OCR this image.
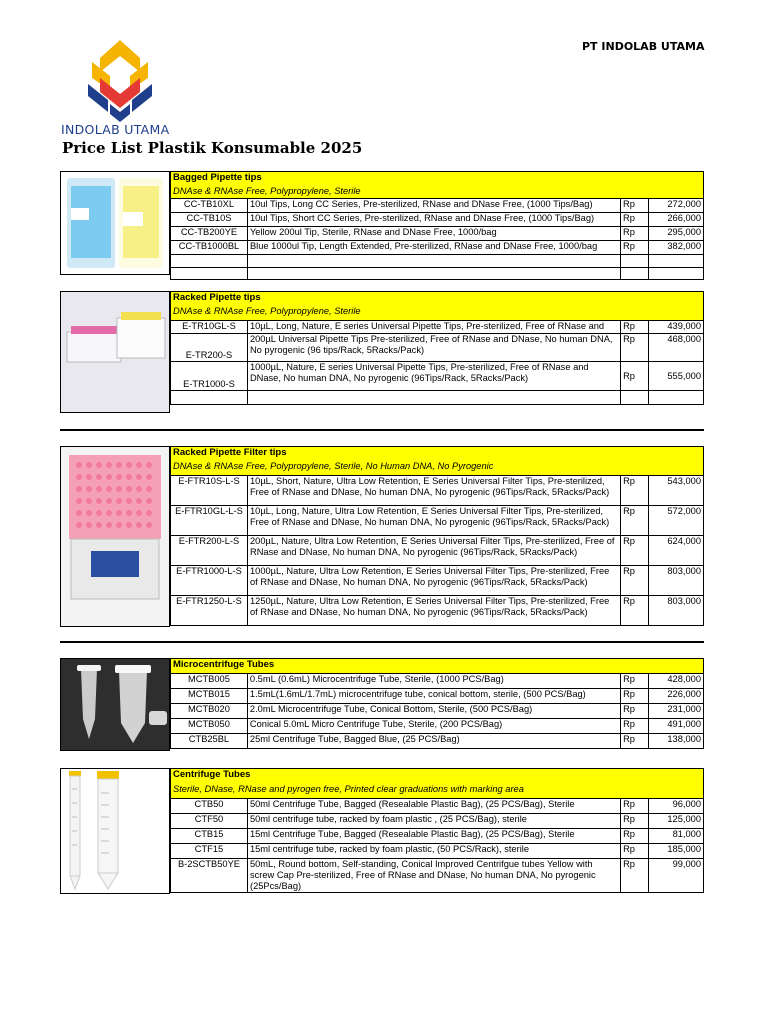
PT INDOLAB UTAMA
INDOLAB UTAMA
Price List Plastik Konsumable 2025
Bagged Pipette tips			
DNAse & RNAse Free, Polypropylene, Sterile			
CC-TB10XL	10ul Tips, Long CC Series, Pre-sterilized, RNase and DNase Free, (1000 Tips/Bag)	Rp	272,000
CC-TB10S	10ul Tips, Short CC Series, Pre-sterilized, RNase and DNase Free, (1000 Tips/Bag)	Rp	266,000
CC-TB200YE	Yellow 200ul Tip, Sterile, RNase and DNase Free, 1000/bag	Rp	295,000
CC-TB1000BL	Blue 1000ul Tip, Length Extended, Pre-sterilized, RNase and DNase Free, 1000/bag	Rp	382,000

Racked Pipette tips			
DNAse & RNAse Free, Polypropylene, Sterile			
E-TR10GL-S	10µL, Long, Nature, E series Universal Pipette Tips, Pre-sterilized, Free of RNase and	Rp	439,000
E-TR200-S	200µL Universal Pipette Tips Pre-sterilized, Free of RNase and DNase, No human DNA, No pyrogenic (96 tips/Rack, 5Racks/Pack)	Rp	468,000
E-TR1000-S	1000µL, Nature, E series Universal Pipette Tips, Pre-sterilized, Free of RNase and DNase, No human DNA, No pyrogenic (96Tips/Rack, 5Racks/Pack)	Rp	555,000

Racked Pipette Filter tips			
DNAse & RNAse Free, Polypropylene, Sterile, No Human DNA, No Pyrogenic			
E-FTR10S-L-S	10µL, Short, Nature, Ultra Low Retention, E Series Universal Filter Tips, Pre-sterilized, Free of RNase and DNase, No human DNA, No pyrogenic (96Tips/Rack, 5Racks/Pack)	Rp	543,000
E-FTR10GL-L-S	10µL, Long, Nature, Ultra Low Retention, E Series Universal Filter Tips, Pre-sterilized, Free of RNase and DNase, No human DNA, No pyrogenic (96Tips/Rack, 5Racks/Pack)	Rp	572,000
E-FTR200-L-S	200µL, Nature, Ultra Low Retention, E Series Universal Filter Tips, Pre-sterilized, Free of RNase and DNase, No human DNA, No pyrogenic (96Tips/Rack, 5Racks/Pack)	Rp	624,000
E-FTR1000-L-S	1000µL, Nature, Ultra Low Retention, E Series Universal Filter Tips, Pre-sterilized, Free of RNase and DNase, No human DNA, No pyrogenic (96Tips/Rack, 5Racks/Pack)	Rp	803,000
E-FTR1250-L-S	1250µL, Nature, Ultra Low Retention, E Series Universal Filter Tips, Pre-sterilized, Free of RNase and DNase, No human DNA, No pyrogenic (96Tips/Rack, 5Racks/Pack)	Rp	803,000
Microcentrifuge Tubes			
MCTB005	0.5mL (0.6mL) Microcentrifuge Tube, Sterile, (1000 PCS/Bag)	Rp	428,000
MCTB015	1.5mL(1.6mL/1.7mL) microcentrifuge tube, conical bottom, sterile, (500 PCS/Bag)	Rp	226,000
MCTB020	2.0mL Microcentrifuge Tube, Conical Bottom, Sterile, (500 PCS/Bag)	Rp	231,000
MCTB050	Conical 5.0mL Micro Centrifuge Tube, Sterile, (200 PCS/Bag)	Rp	491,000
CTB25BL	25ml Centrifuge Tube, Bagged Blue, (25 PCS/Bag)	Rp	138,000
Centrifuge Tubes			
Sterile, DNase, RNase and pyrogen free, Printed clear graduations with marking area			
CTB50	50ml Centrifuge Tube, Bagged (Resealable Plastic Bag), (25 PCS/Bag), Sterile	Rp	96,000
CTF50	50ml centrifuge tube, racked by foam plastic , (25 PCS/Bag), sterile	Rp	125,000
CTB15	15ml Centrifuge Tube, Bagged (Resealable Plastic Bag), (25 PCS/Bag), Sterile	Rp	81,000
CTF15	15ml centrifuge tube, racked by foam plastic, (50 PCS/Rack), sterile	Rp	185,000
B-2SCTB50YE	50mL, Round bottom, Self-standing, Conical Improved Centrifgue tubes Yellow with screw Cap Pre-sterilized, Free of RNase and DNase, No human DNA, No pyrogenic (25Pcs/Bag)	Rp	99,000
